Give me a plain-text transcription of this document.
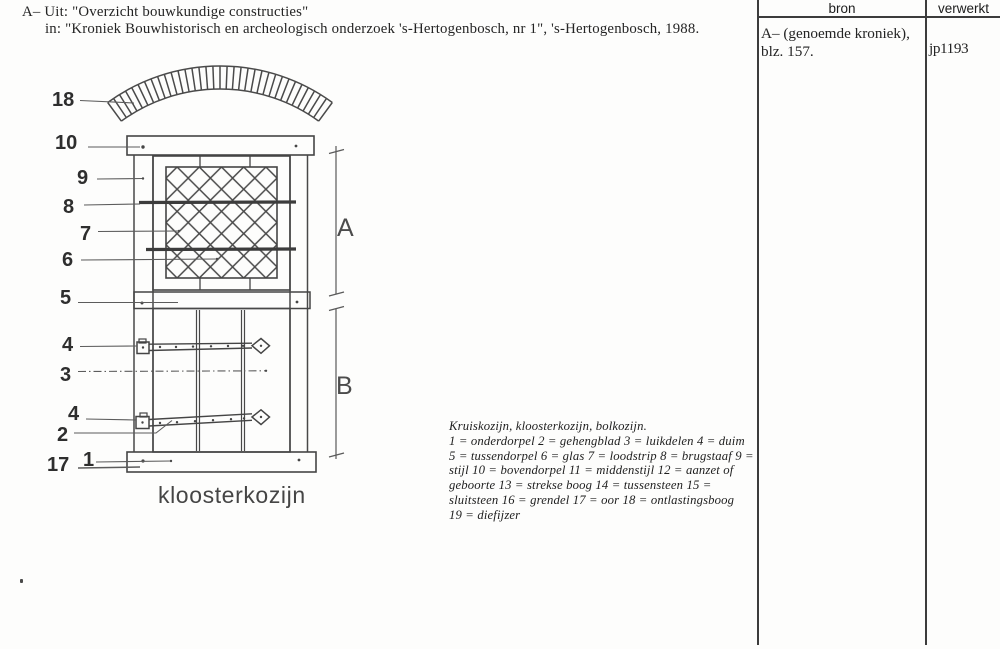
A– Uit: "Overzicht bouwkundige constructies"
in: "Kroniek Bouwhistorisch en archeologisch onderzoek 's-Hertogenbosch, nr 1", 's-Hertogenbosch, 1988.
bron	verwerkt
A– (genoemde kroniek),
blz. 157.	jp1193
18
10
9
8
7
6
5
4
3
4
2
17 1
A
B
kloosterkozijn
Kruiskozijn, kloosterkozijn, bolkozijn.
1 = onderdorpel 2 = gehengblad 3 = luikdelen 4 = duim
5 = tussendorpel 6 = glas 7 = loodstrip 8 = brugstaaf 9 =
stijl 10 = bovendorpel 11 = middenstijl 12 = aanzet of
geboorte 13 = strekse boog 14 = tussensteen 15 =
sluitsteen 16 = grendel 17 = oor 18 = ontlastingsboog
19 = diefijzer
